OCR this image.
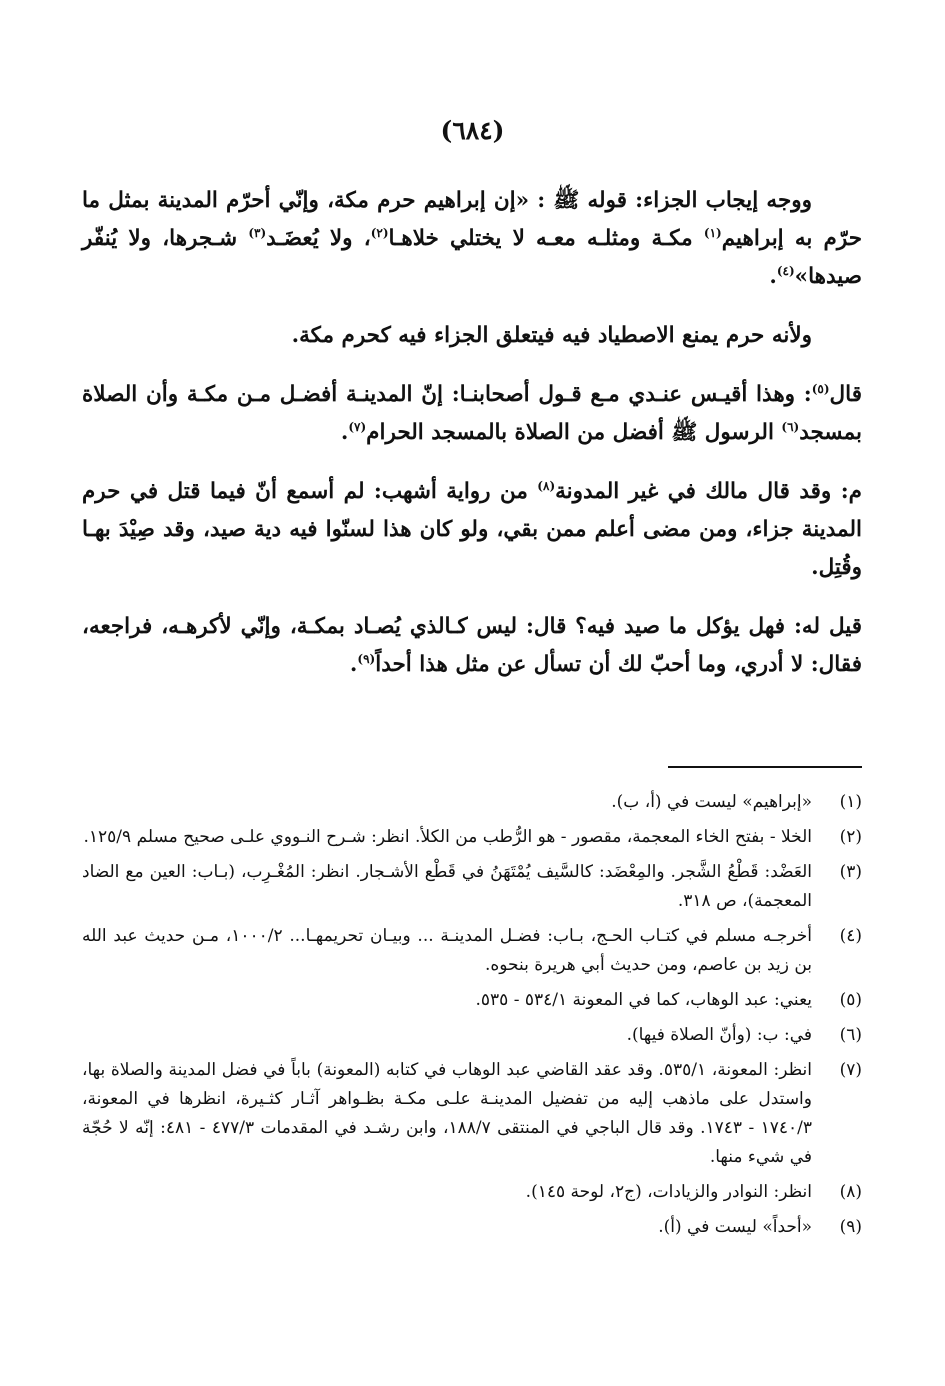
(٦٨٤)

ووجه إيجاب الجزاء: قوله ﷺ : «إن إبراهيم حرم مكة، وإنّي أحرّم المدينة بمثل ما حرّم به إبراهيم$^{(١)}$ مكـة ومثلـه معـه لا يختلي خلاهـا$^{(٢)}$، ولا يُعضَـد$^{(٣)}$ شـجرها، ولا يُنفّر صيدها»$^{(٤)}$.

ولأنه حرم يمنع الاصطياد فيه فيتعلق الجزاء فيه كحرم مكة.

قال$^{(٥)}$: وهذا أقيـس عنـدي مـع قـول أصحابنـا: إنّ المدينـة أفضـل مـن مكـة وأن الصلاة بمسجد$^{(٦)}$ الرسول ﷺ أفضل من الصلاة بالمسجد الحرام$^{(٧)}$.

م: وقد قال مالك في غير المدونة$^{(٨)}$ من رواية أشهب: لم أسمع أنّ فيما قتل في حرم المدينة جزاء، ومن مضى أعلم ممن بقي، ولو كان هذا لسنّوا فيه دية صيد، وقد صِيْدَ بهـا وقُتِل.

قيل له: فهل يؤكل ما صيد فيه؟ قال: ليس كـالذي يُصـاد بمكـة، وإنّي لأكرهـه، فراجعه، فقال: لا أدري، وما أحبّ لك أن تسأل عن مثل هذا أحداً$^{(٩)}$.

(١)
«إبراهيم» ليست في (أ، ب).
(٢)
الخلا - بفتح الخاء المعجمة، مقصور - هو الرُّطب من الكلأ. انظر: شـرح النـووي علـى صحيح مسلم ١٢٥/٩.
(٣)
العَضْد: قَطْعُ الشَّجر. والمِعْضَد: كالسَّيف يُمْتَهَنُ في قَطْع الأشـجار. انظر: المُغْـرِب، (بـاب: العين مع الضاد المعجمة)، ص ٣١٨.
(٤)
أخرجـه مسلم في كتـاب الحـج، بـاب: فضـل المدينـة ... وبيـان تحريمهـا... ١٠٠٠/٢، مـن حديث عبد الله بن زيد بن عاصم، ومن حديث أبي هريرة بنحوه.
(٥)
يعني: عبد الوهاب، كما في المعونة ٥٣٤/١ - ٥٣٥.
(٦)
في: ب: (وأنّ الصلاة فيها).
(٧)
انظر: المعونة، ٥٣٥/١. وقد عقد القاضي عبد الوهاب في كتابه (المعونة) باباً في فضل المدينة والصلاة بها، واستدل على ماذهب إليه من تفضيل المدينـة علـى مكـة بظـواهر آثـار كثـيرة، انظرها في المعونة، ١٧٤٠/٣ - ١٧٤٣. وقد قال الباجي في المنتقى ١٨٨/٧، وابن رشـد في المقدمات ٤٧٧/٣ - ٤٨١: إنّه لا حُجّة في شيء منها.
(٨)
انظر: النوادر والزيادات، (ج٢، لوحة ١٤٥).
(٩)
«أحداً» ليست في (أ).
